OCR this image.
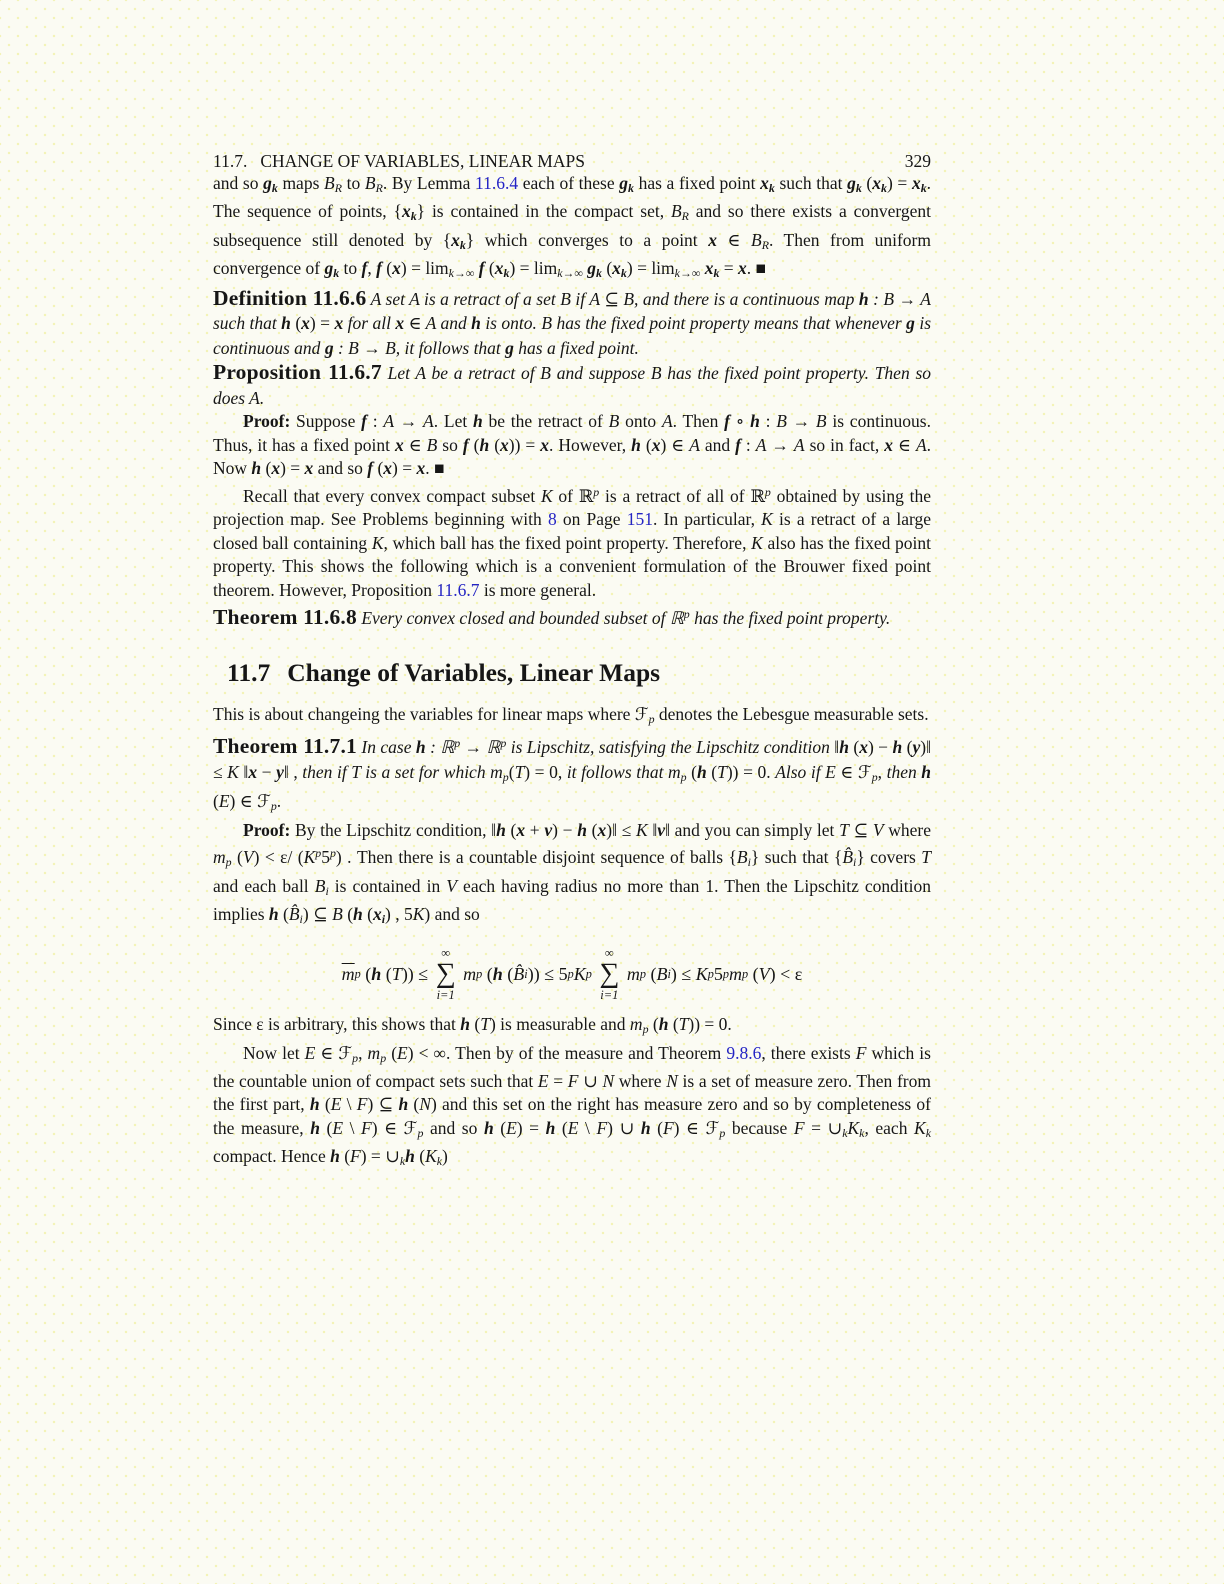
11.7. CHANGE OF VARIABLES, LINEAR MAPS	329

and so $g_k$ maps $B_R$ to $B_R$. By Lemma 11.6.4 each of these $g_k$ has a fixed point $x_k$ such that $g_k$ $(x_k) = x_k$. The sequence of points, $\{x_k\}$ is contained in the compact set, $B_R$ and so there exists a convergent subsequence still denoted by $\{x_k\}$ which converges to a point x ∈ $B_R$. Then from uniform convergence of $g_k$ to f, f $(x) = \lim_{k\to\infty} f$ $(x_k) = \lim_{k\to\infty} g_k$ $(x_k) = \lim_{k\to\infty} x_k = x$. ■

Definition 11.6.6 A set A is a retract of a set B if A ⊆ B, and there is a continuous map h : B → A such that h (x) = x for all x ∈ A and h is onto. B has the fixed point property means that whenever g is continuous and g : B → B, it follows that g has a fixed point.

Proposition 11.6.7 Let A be a retract of B and suppose B has the fixed point property. Then so does A.

Proof: Suppose f : A → A. Let h be the retract of B onto A. Then f ∘ h : B → B is continuous. Thus, it has a fixed point x ∈ B so f (h (x)) = x. However, h (x) ∈ A and f : A → A so in fact, x ∈ A. Now h (x) = x and so f (x) = x. ■

Recall that every convex compact subset K of ℝ$^p$ is a retract of all of ℝ$^p$ obtained by using the projection map. See Problems beginning with 8 on Page 151. In particular, K is a retract of a large closed ball containing K, which ball has the fixed point property. Therefore, K also has the fixed point property. This shows the following which is a convenient formulation of the Brouwer fixed point theorem. However, Proposition 11.6.7 is more general.

Theorem 11.6.8 Every convex closed and bounded subset of ℝ$^p$ has the fixed point property.

11.7 Change of Variables, Linear Maps

This is about changeing the variables for linear maps where ℱ$_p$ denotes the Lebesgue measurable sets.

Theorem 11.7.1 In case h : ℝ$^p$ → ℝ$^p$ is Lipschitz, satisfying the Lipschitz condition ‖h (x) − h (y)‖ ≤ K ‖x − y‖ , then if T is a set for which $m_p(T) = 0$, it follows that $m_p$ (h (T)) = 0. Also if E ∈ ℱ$_p$, then h (E) ∈ ℱ$_p$.

Proof: By the Lipschitz condition, ‖h (x + v) − h (x)‖ ≤ K ‖v‖ and you can simply let T ⊆ V where $m_p$ (V) < ε/ $(K^p5^p)$ . Then there is a countable disjoint sequence of balls $\{B_i\}$ such that $\{B̂_i\}$ covers T and each ball $B_i$ is contained in V each having radius no more than 1. Then the Lipschitz condition implies h $(B̂_i)$ ⊆ B (h $(x_i)$ , 5K) and so

$\overline{m}$ p ( h ( T )) ≤
∞
∑
i=1

m p ( h ( B̂ i )) ≤ 5 p K p

∞
∑
i=1

m p ( B i ) ≤ K p 5 p m p ( V ) < ε

Since ε is arbitrary, this shows that h (T) is measurable and $m_p$ (h (T)) = 0.

Now let E ∈ ℱ$_p$, $m_p$ (E) < ∞. Then by of the measure and Theorem 9.8.6, there exists F which is the countable union of compact sets such that E = F ∪ N where N is a set of measure zero. Then from the first part, h (E \ F) ⊆ h (N) and this set on the right has measure zero and so by completeness of the measure, h (E \ F) ∈ ℱ$_p$ and so h (E) = h (E \ F) ∪ h (F) ∈ ℱ$_p$ because $F = \cup_kK_k$, each $K_k$ compact. Hence h $(F) = \cup_kh$ $(K_k)$
